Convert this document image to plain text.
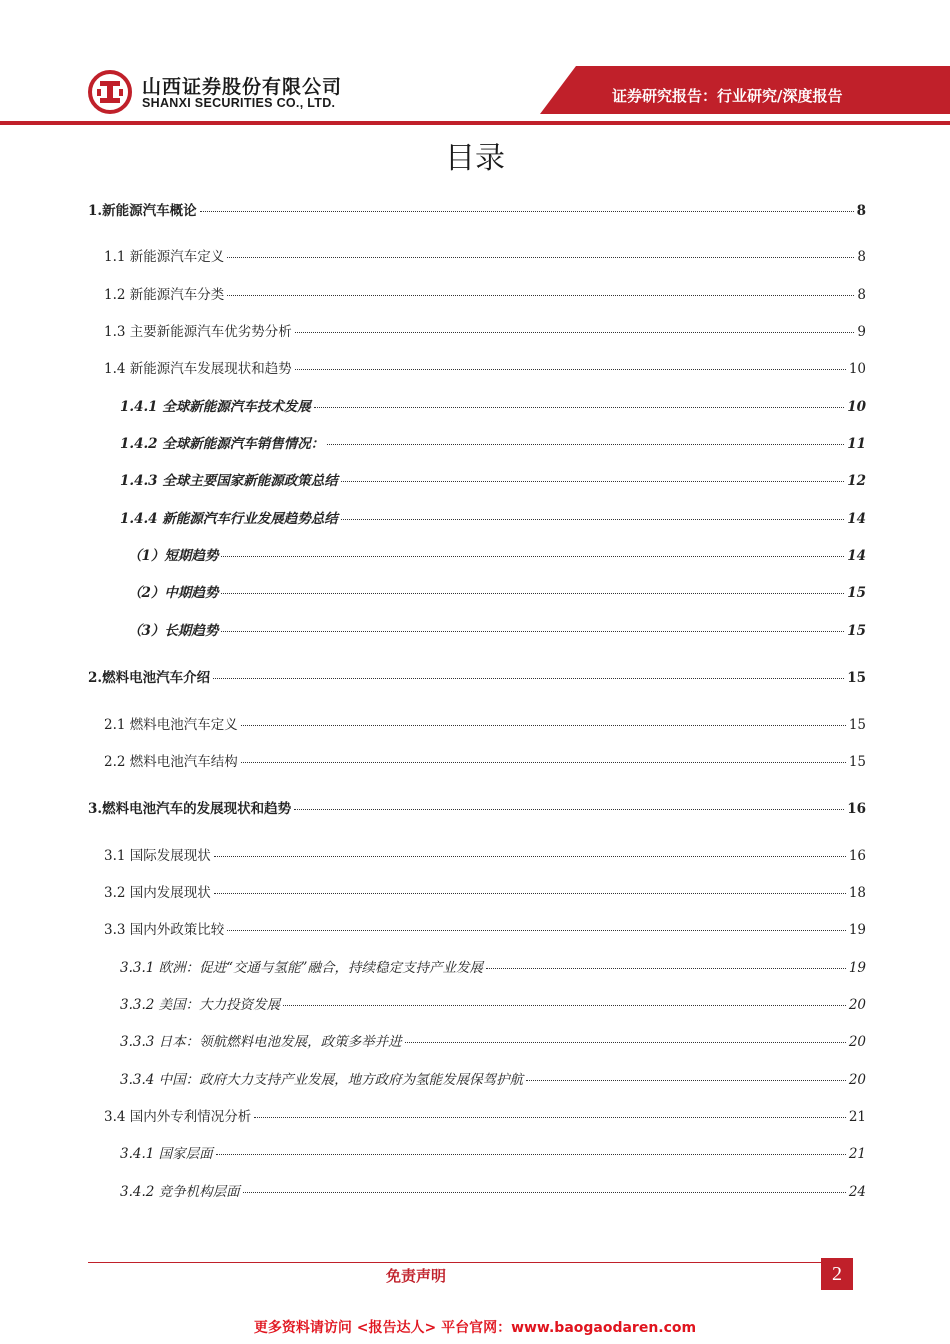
山西证券股份有限公司
SHANXI SECURITIES CO., LTD.	证券研究报告：行业研究/深度报告
目录
1.新能源汽车概论	8
1.1 新能源汽车定义	8
1.2 新能源汽车分类	8
1.3 主要新能源汽车优劣势分析	9
1.4 新能源汽车发展现状和趋势	10
1.4.1 全球新能源汽车技术发展	10
1.4.2 全球新能源汽车销售情况：	11
1.4.3 全球主要国家新能源政策总结	12
1.4.4 新能源汽车行业发展趋势总结	14
（1）短期趋势	14
（2）中期趋势	15
（3）长期趋势	15
2.燃料电池汽车介绍	15
2.1 燃料电池汽车定义	15
2.2 燃料电池汽车结构	15
3.燃料电池汽车的发展现状和趋势	16
3.1 国际发展现状	16
3.2 国内发展现状	18
3.3 国内外政策比较	19
3.3.1 欧洲：促进“交通与氢能”融合，持续稳定支持产业发展	19
3.3.2 美国：大力投资发展	20
3.3.3 日本：领航燃料电池发展，政策多举并进	20
3.3.4 中国：政府大力支持产业发展，地方政府为氢能发展保驾护航	20
3.4 国内外专利情况分析	21
3.4.1 国家层面	21
3.4.2 竞争机构层面	24
免责声明	2
更多资料请访问 <报告达人> 平台官网：www.baogaodaren.com
